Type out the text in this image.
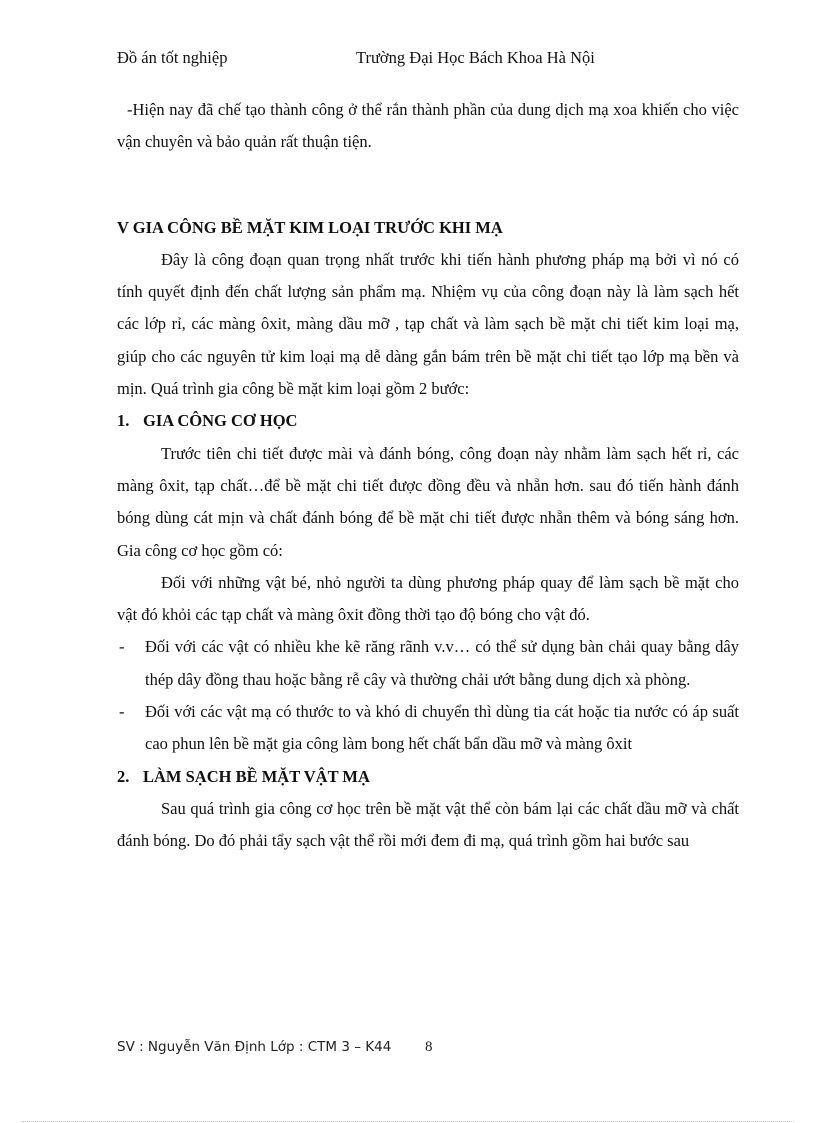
Đồ án tốt nghiệp	Trường Đại Học Bách Khoa Hà Nội

-Hiện nay đã chế tạo thành công ở thể rắn thành phần của dung dịch mạ xoa khiến cho việc vận chuyên và bảo quản rất thuận tiện.

V GIA CÔNG BỀ MẶT KIM LOẠI TRƯỚC KHI MẠ

Đây là công đoạn quan trọng nhất trước khi tiến hành phương pháp mạ bởi vì nó có tính quyết định đến chất lượng sản phẩm mạ. Nhiệm vụ của công đoạn này là làm sạch hết các lớp rỉ, các màng ôxit, màng dầu mỡ , tạp chất và làm sạch bề mặt chi tiết kim loại mạ, giúp cho các nguyên tử kim loại mạ dễ dàng gắn bám trên bề mặt chi tiết tạo lớp mạ bền và mịn. Quá trình gia công bề mặt kim loại gồm 2 bước:

1. GIA CÔNG CƠ HỌC

Trước tiên chi tiết được mài và đánh bóng, công đoạn này nhằm làm sạch hết rỉ, các màng ôxit, tạp chất…để bề mặt chi tiết được đồng đều và nhẵn hơn. sau đó tiến hành đánh bóng dùng cát mịn và chất đánh bóng để bề mặt chi tiết được nhẵn thêm và bóng sáng hơn. Gia công cơ học gồm có:

Đối với những vật bé, nhỏ người ta dùng phương pháp quay để làm sạch bề mặt cho vật đó khỏi các tạp chất và màng ôxit đồng thời tạo độ bóng cho vật đó.

- Đối với các vật có nhiều khe kẽ răng rãnh v.v… có thể sử dụng bàn chải quay bằng dây thép dây đồng thau hoặc bằng rễ cây và thường chải ướt bằng dung dịch xà phòng.
- Đối với các vật mạ có thước to và khó di chuyển thì dùng tia cát hoặc tia nước có áp suất cao phun lên bề mặt gia công làm bong hết chất bẩn dầu mỡ và màng ôxit

2. LÀM SẠCH BỀ MẶT VẬT MẠ

Sau quá trình gia công cơ học trên bề mặt vật thể còn bám lại các chất dầu mỡ và chất đánh bóng. Do đó phải tẩy sạch vật thể rồi mới đem đi mạ, quá trình gồm hai bước sau

SV : Nguyễn Văn Định Lớp : CTM 3 – K44 8
